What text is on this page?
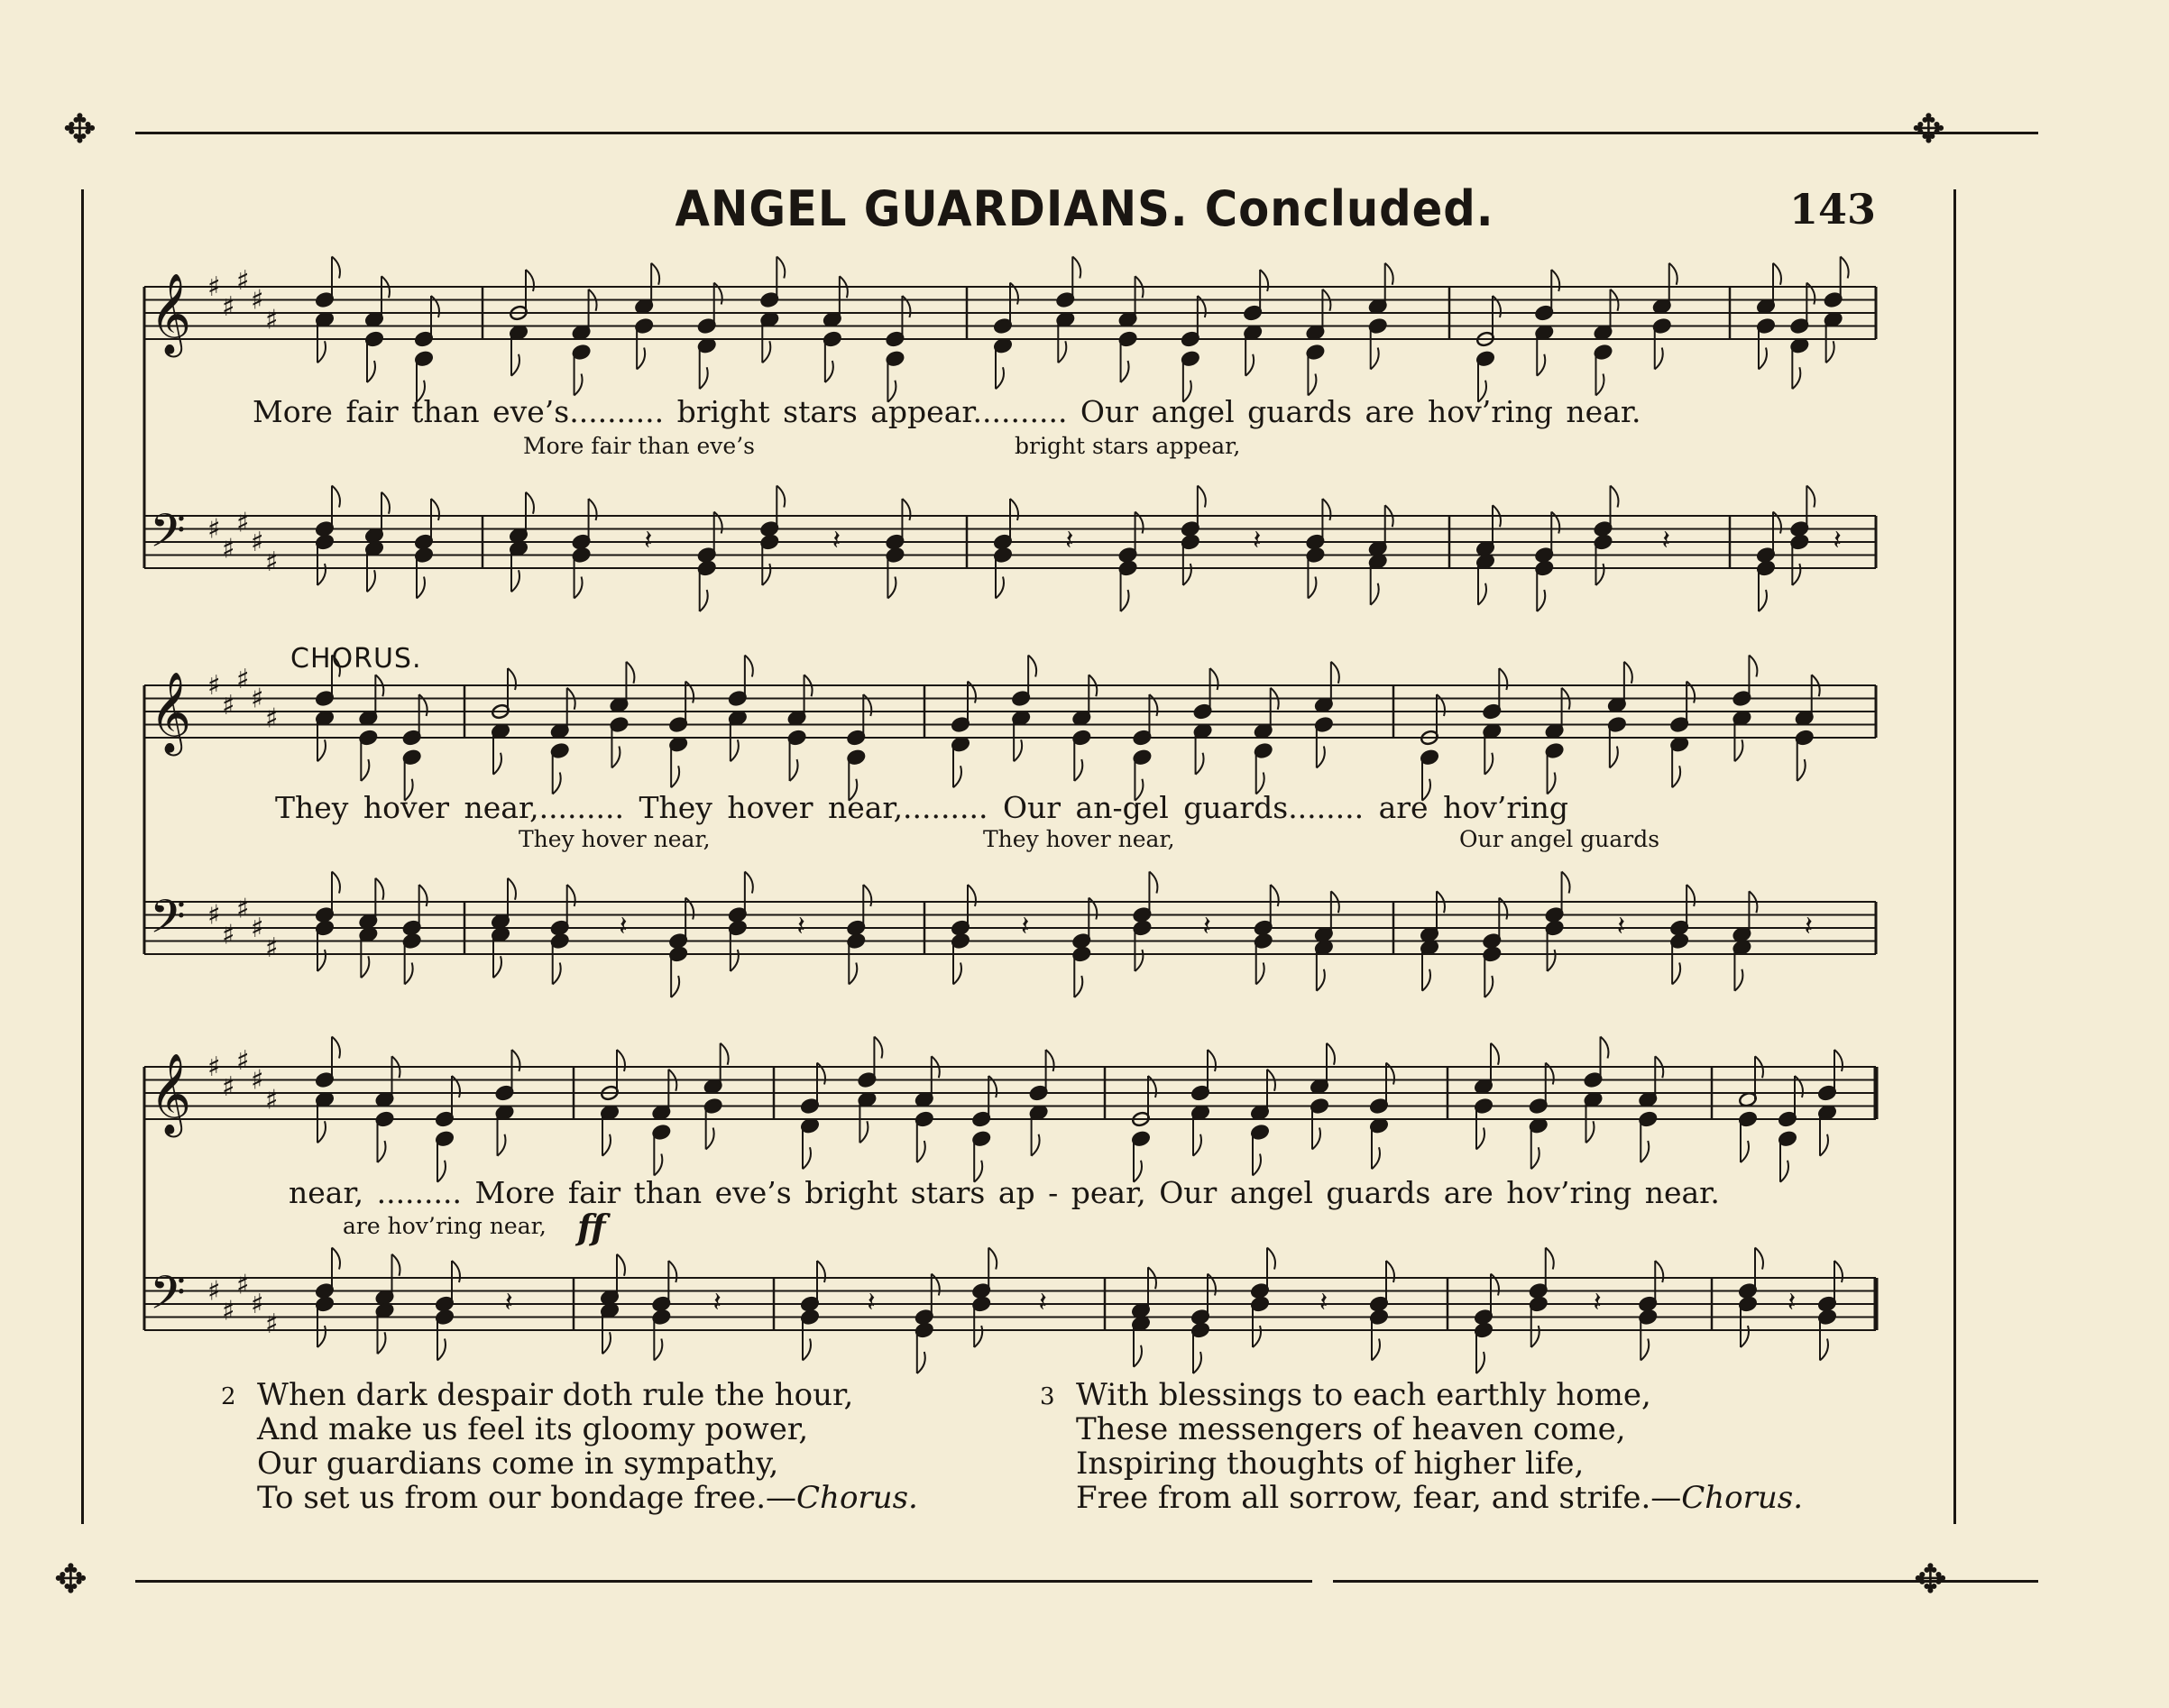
✥	✥
✥	✥
ANGEL GUARDIANS. Concluded.	143
𝄞
𝄢
♯
♯
♯
♯
♯
♯
♯
♯
♯
♯
𝄽	𝄽	𝄽	𝄽	𝄽	𝄽
𝄞
𝄢
♯
♯
♯
♯
♯
♯
♯
♯
♯
♯
𝄽	𝄽	𝄽	𝄽	𝄽	𝄽
𝄞
𝄢
♯
♯
♯
♯
♯
♯
♯
♯
♯
♯
𝄽	𝄽	𝄽	𝄽	𝄽	𝄽	𝄽
More fair than eve’s.......... bright stars appear.......... Our angel guards are hov’ring near.
More fair than eve’s	bright stars appear,
CHORUS.
They hover near,......... They hover near,......... Our an-gel guards........ are hov’ring
They hover near,	They hover near,	Our angel guards
near, ......... More fair than eve’s bright stars ap - pear, Our angel guards are hov’ring near.
are hov’ring near, ff
2 When dark despair doth rule the hour,
And make us feel its gloomy power,
Our guardians come in sympathy,
To set us from our bondage free.—Chorus.
3 With blessings to each earthly home,
These messengers of heaven come,
Inspiring thoughts of higher life,
Free from all sorrow, fear, and strife.—Chorus.
